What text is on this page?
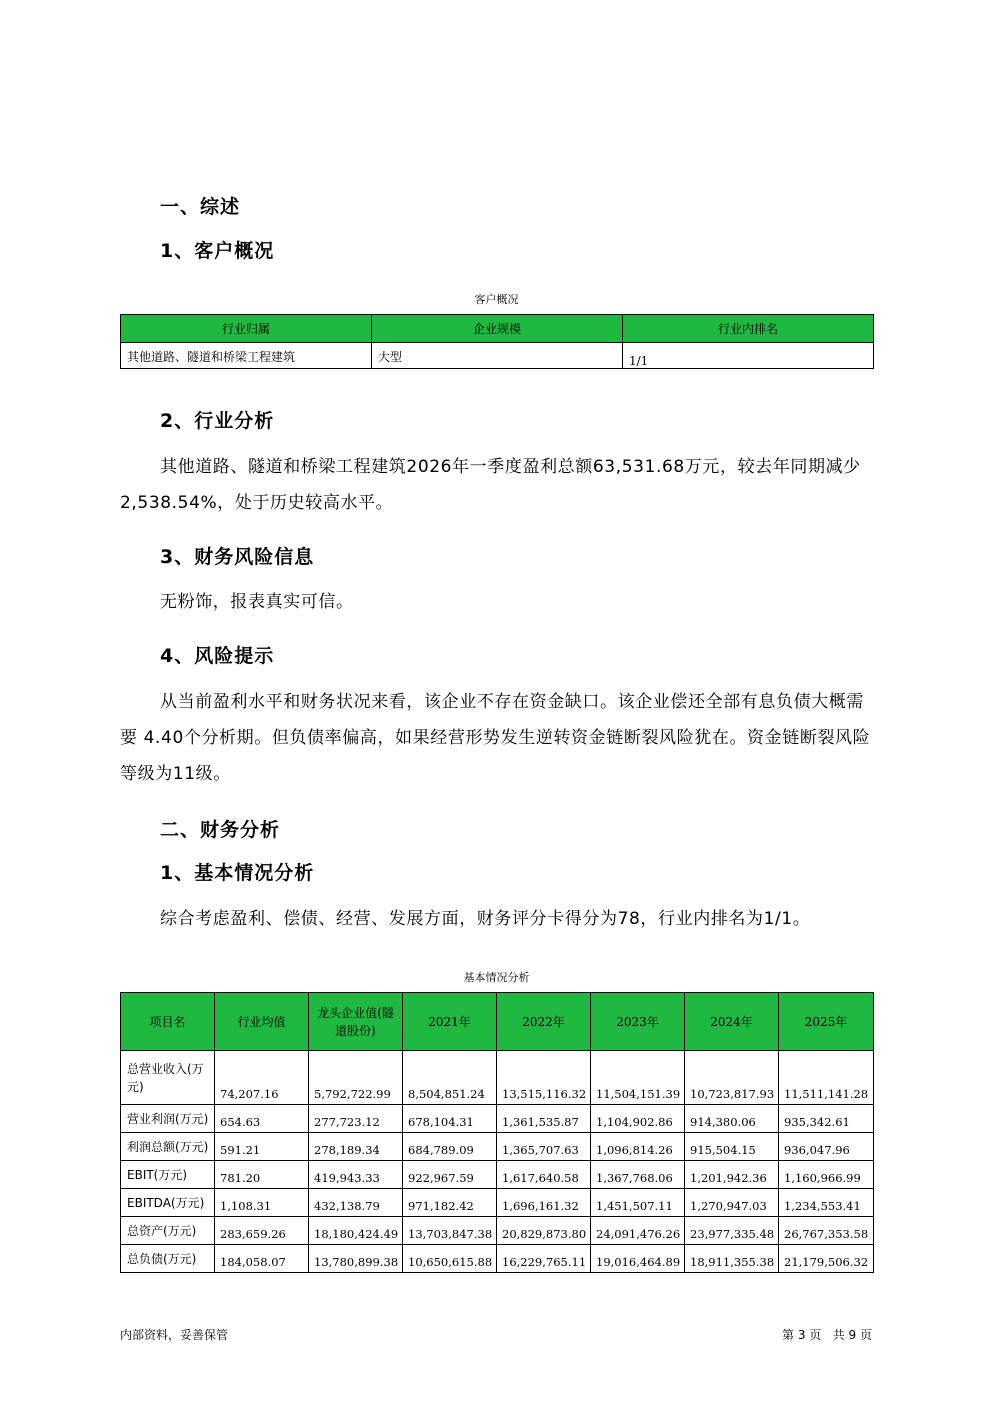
一、综述
1、客户概况
客户概况
行业归属	企业规模	行业内排名
其他道路、隧道和桥梁工程建筑	大型	1/1
2、行业分析
其他道路、隧道和桥梁工程建筑2026年一季度盈利总额63,531.68万元，较去年同期减少2,538.54%，处于历史较高水平。
3、财务风险信息
无粉饰，报表真实可信。
4、风险提示
从当前盈利水平和财务状况来看，该企业不存在资金缺口。该企业偿还全部有息负债大概需要 4.40个分析期。但负债率偏高，如果经营形势发生逆转资金链断裂风险犹在。资金链断裂风险等级为11级。
二、财务分析
1、基本情况分析
综合考虑盈利、偿债、经营、发展方面，财务评分卡得分为78，行业内排名为1/1。
基本情况分析
项目名	行业均值	龙头企业值(隧道股份)	2021年	2022年	2023年	2024年	2025年
总营业收入(万元)	74,207.16	5,792,722.99	8,504,851.24	13,515,116.32	11,504,151.39	10,723,817.93	11,511,141.28
营业利润(万元)	654.63	277,723.12	678,104.31	1,361,535.87	1,104,902.86	914,380.06	935,342.61
利润总额(万元)	591.21	278,189.34	684,789.09	1,365,707.63	1,096,814.26	915,504.15	936,047.96
EBIT(万元)	781.20	419,943.33	922,967.59	1,617,640.58	1,367,768.06	1,201,942.36	1,160,966.99
EBITDA(万元)	1,108.31	432,138.79	971,182.42	1,696,161.32	1,451,507.11	1,270,947.03	1,234,553.41
总资产(万元)	283,659.26	18,180,424.49	13,703,847.38	20,829,873.80	24,091,476.26	23,977,335.48	26,767,353.58
总负债(万元)	184,058.07	13,780,899.38	10,650,615.88	16,229,765.11	19,016,464.89	18,911,355.38	21,179,506.32
内部资料，妥善保管	第 3 页   共 9 页
